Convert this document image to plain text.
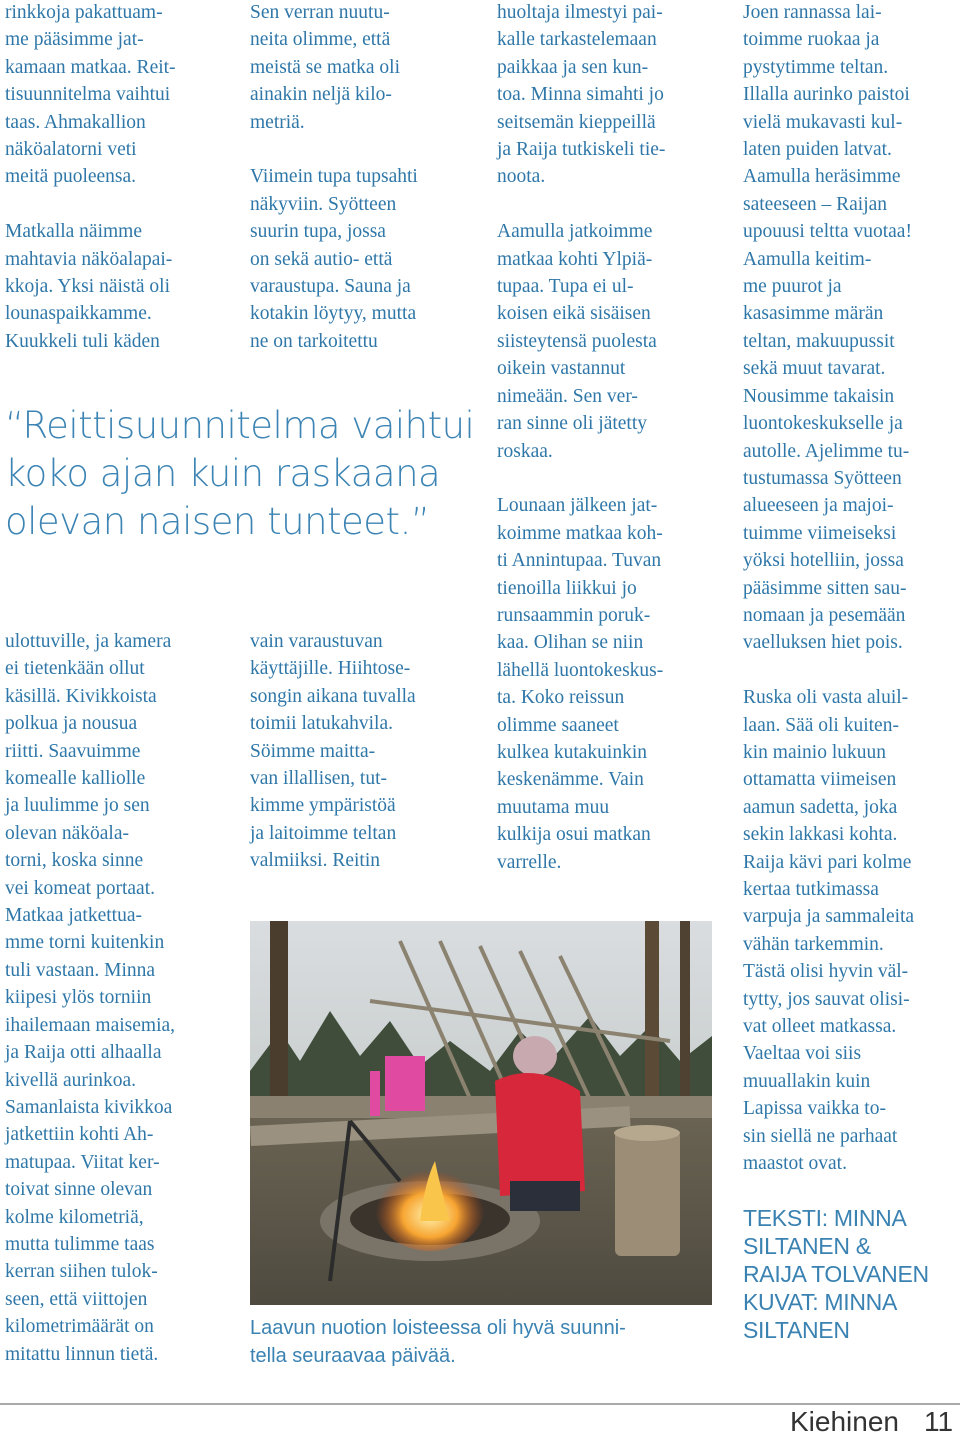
rinkkoja pakattuam-
me pääsimme jat-
kamaan matkaa. Reit-
tisuunnitelma vaihtui
taas. Ahmakallion
näköalatorni veti
meitä puoleensa.

Matkalla näimme
mahtavia näköalapai-
kkoja. Yksi näistä oli
lounaspaikkamme.
Kuukkeli tuli käden

Sen verran nuutu-
neita olimme, että
meistä se matka oli
ainakin neljä kilo-
metriä.

Viimein tupa tupsahti
näkyviin. Syötteen
suurin tupa, jossa
on sekä autio- että
varaustupa. Sauna ja
kotakin löytyy, mutta
ne on tarkoitettu

“Reittisuunnitelma vaihtui
koko ajan kuin raskaana
olevan naisen tunteet.”

ulottuville, ja kamera
ei tietenkään ollut
käsillä. Kivikkoista
polkua ja nousua
riitti. Saavuimme
komealle kalliolle
ja luulimme jo sen
olevan näköala-
torni, koska sinne
vei komeat portaat.
Matkaa jatkettua-
mme torni kuitenkin
tuli vastaan. Minna
kiipesi ylös torniin
ihailemaan maisemia,
ja Raija otti alhaalla
kivellä aurinkoa.
Samanlaista kivikkoa
jatkettiin kohti Ah-
matupaa. Viitat ker-
toivat sinne olevan
kolme kilometriä,
mutta tulimme taas
kerran siihen tulok-
seen, että viittojen
kilometrimäärät on
mitattu linnun tietä.

vain varaustuvan
käyttäjille. Hiihtose-
songin aikana tuvalla
toimii latukahvila.
Söimme maitta-
van illallisen, tut-
kimme ympäristöä
ja laitoimme teltan
valmiiksi. Reitin

huoltaja ilmestyi pai-
kalle tarkastelemaan
paikkaa ja sen kun-
toa. Minna simahti jo
seitsemän kieppeillä
ja Raija tutkiskeli tie-
noota.

Aamulla jatkoimme
matkaa kohti Ylpiä-
tupaa. Tupa ei ul-
koisen eikä sisäisen
siisteytensä puolesta
oikein vastannut
nimeään. Sen ver-
ran sinne oli jätetty
roskaa.

Lounaan jälkeen jat-
koimme matkaa koh-
ti Annintupaa. Tuvan
tienoilla liikkui jo
runsaammin poruk-
kaa. Olihan se niin
lähellä luontokeskus-
ta. Koko reissun
olimme saaneet
kulkea kutakuinkin
keskenämme. Vain
muutama muu
kulkija osui matkan
varrelle.

Joen rannassa lai-
toimme ruokaa ja
pystytimme teltan.
Illalla aurinko paistoi
vielä mukavasti kul-
laten puiden latvat.
Aamulla heräsimme
sateeseen – Raijan
upouusi teltta vuotaa!
Aamulla keitim-
me puurot ja
kasasimme märän
teltan, makuupussit
sekä muut tavarat.
Nousimme takaisin
luontokeskukselle ja
autolle. Ajelimme tu-
tustumassa Syötteen
alueeseen ja majoi-
tuimme viimeiseksi
yöksi hotelliin, jossa
pääsimme sitten sau-
nomaan ja pesemään
vaelluksen hiet pois.

Ruska oli vasta aluil-
laan. Sää oli kuiten-
kin mainio lukuun
ottamatta viimeisen
aamun sadetta, joka
sekin lakkasi kohta.
Raija kävi pari kolme
kertaa tutkimassa
varpuja ja sammaleita
vähän tarkemmin.
Tästä olisi hyvin väl-
tytty, jos sauvat olisi-
vat olleet matkassa.
Vaeltaa voi siis
muuallakin kuin
Lapissa vaikka to-
sin siellä ne parhaat
maastot ovat.

Laavun nuotion loisteessa oli hyvä suunni-
tella seuraavaa päivää.

TEKSTI: MINNA
SILTANEN &
RAIJA TOLVANEN
KUVAT: MINNA
SILTANEN

Kiehinen 11
